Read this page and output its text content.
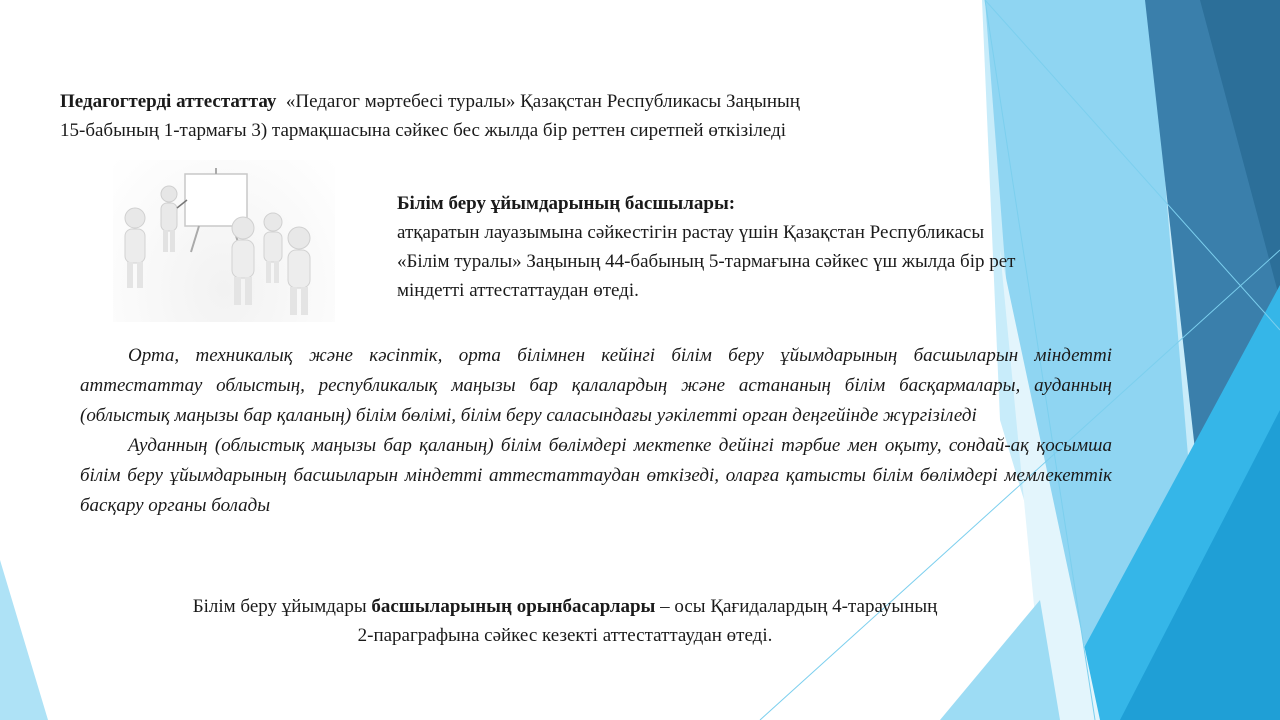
Педагогтерді аттестаттау «Педагог мәртебесі туралы» Қазақстан Республикасы Заңының
15-бабының 1-тармағы 3) тармақшасына сәйкес бес жылда бір реттен сиретпей өткізіледі
Білім беру ұйымдарының басшылары:
атқаратын лауазымына сәйкестігін растау үшін Қазақстан Республикасы
«Білім туралы» Заңының 44-бабының 5-тармағына сәйкес үш жылда бір рет
міндетті аттестаттаудан өтеді.

Орта, техникалық және кәсіптік, орта білімнен кейінгі білім беру ұйымдарының басшыларын міндетті аттестаттау облыстың, республикалық маңызы бар қалалардың және астананың білім басқармалары, ауданның (облыстық маңызы бар қаланың) білім бөлімі, білім беру саласындағы уәкілетті орган деңгейінде жүргізіледі

Ауданның (облыстық маңызы бар қаланың) білім бөлімдері мектепке дейінгі тәрбие мен оқыту, сондай-ақ қосымша білім беру ұйымдарының басшыларын міндетті аттестаттаудан өткізеді, оларға қатысты білім бөлімдері мемлекеттік басқару органы болады

Білім беру ұйымдары басшыларының орынбасарлары – осы Қағидалардың 4-тарауының
2-параграфына сәйкес кезекті аттестаттаудан өтеді.
